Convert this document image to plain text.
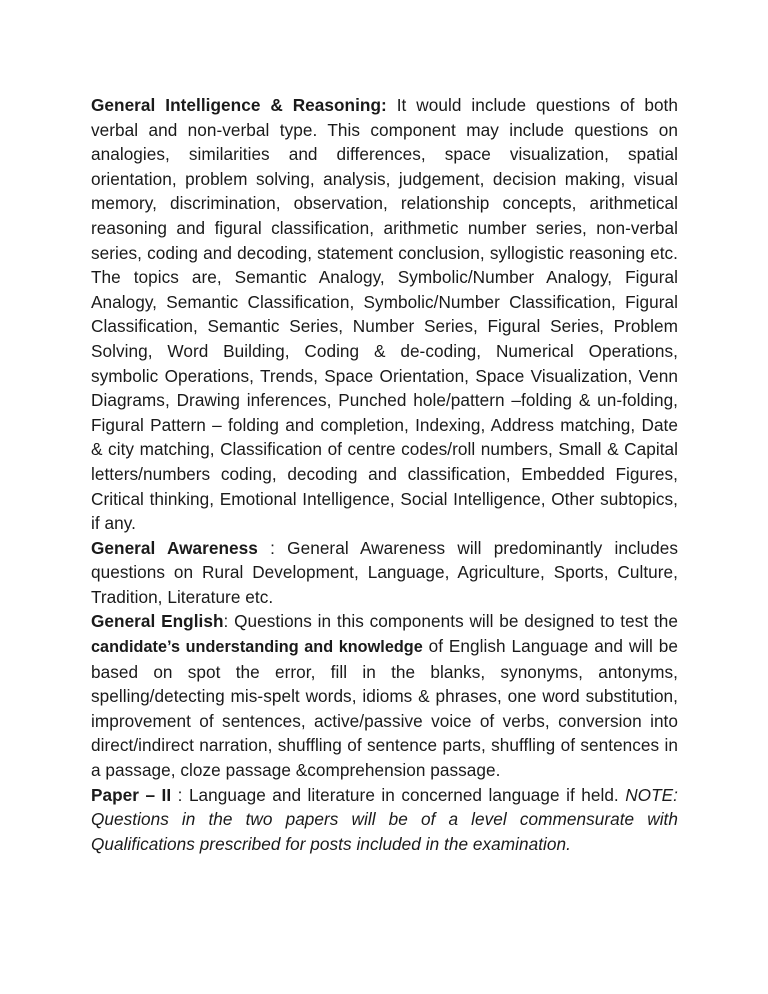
General Intelligence & Reasoning: It would include questions of both verbal and non-verbal type. This component may include questions on analogies, similarities and differences, space visualization, spatial orientation, problem solving, analysis, judgement, decision making, visual memory, discrimination, observation, relationship concepts, arithmetical reasoning and figural classification, arithmetic number series, non-verbal series, coding and decoding, statement conclusion, syllogistic reasoning etc. The topics are, Semantic Analogy, Symbolic/Number Analogy, Figural Analogy, Semantic Classification, Symbolic/Number Classification, Figural Classification, Semantic Series, Number Series, Figural Series, Problem Solving, Word Building, Coding & de-coding, Numerical Operations, symbolic Operations, Trends, Space Orientation, Space Visualization, Venn Diagrams, Drawing inferences, Punched hole/pattern –folding & un-folding, Figural Pattern – folding and completion, Indexing, Address matching, Date & city matching, Classification of centre codes/roll numbers, Small & Capital letters/numbers coding, decoding and classification, Embedded Figures, Critical thinking, Emotional Intelligence, Social Intelligence, Other subtopics, if any.

General Awareness : General Awareness will predominantly includes questions on Rural Development, Language, Agriculture, Sports, Culture, Tradition, Literature etc.

General English: Questions in this components will be designed to test the candidate’s understanding and knowledge of English Language and will be based on spot the error, fill in the blanks, synonyms, antonyms, spelling/detecting mis-spelt words, idioms & phrases, one word substitution, improvement of sentences, active/passive voice of verbs, conversion into direct/indirect narration, shuffling of sentence parts, shuffling of sentences in a passage, cloze passage &comprehension passage.

Paper – II : Language and literature in concerned language if held. NOTE: Questions in the two papers will be of a level commensurate with Qualifications prescribed for posts included in the examination.
